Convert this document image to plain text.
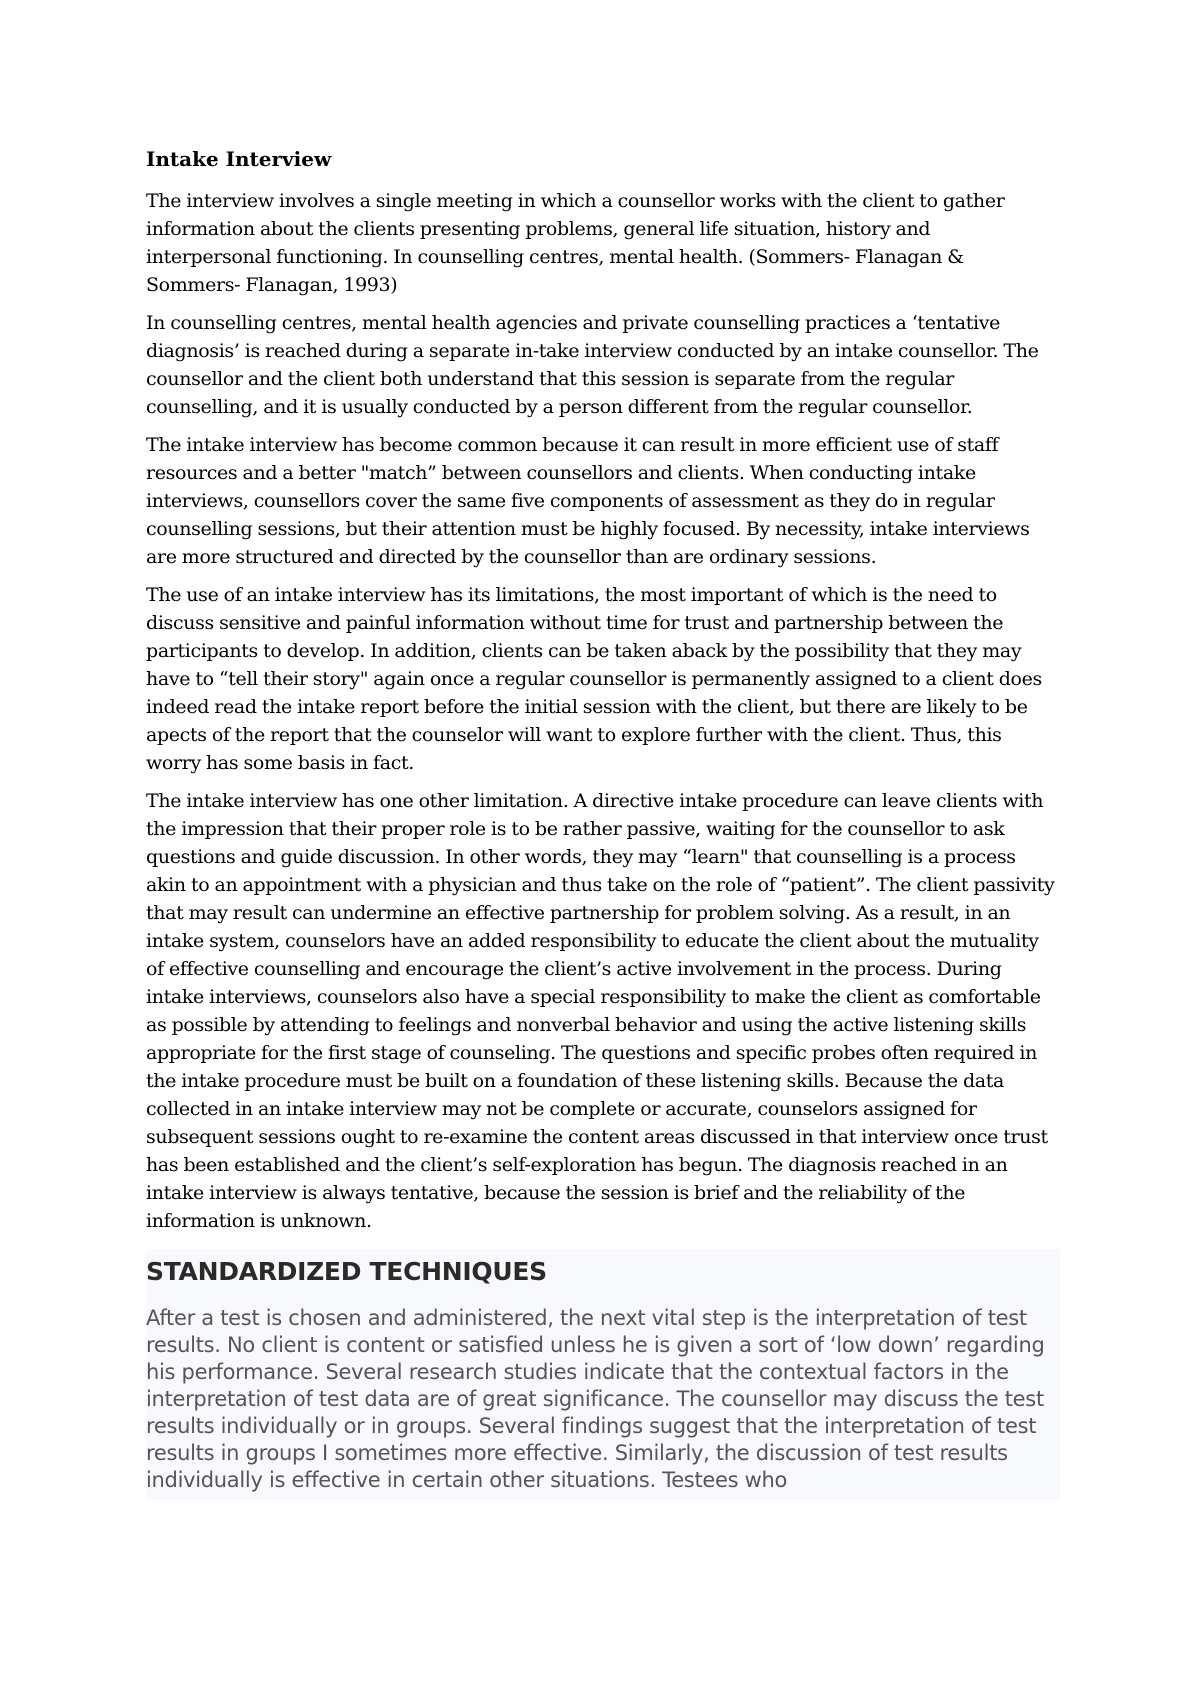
Intake Interview

The interview involves a single meeting in which a counsellor works with the client to gather information about the clients presenting problems, general life situation, history and interpersonal functioning. In counselling centres, mental health. (Sommers- Flanagan & Sommers- Flanagan, 1993)

In counselling centres, mental health agencies and private counselling practices a ‘tentative diagnosis’ is reached during a separate in-take interview conducted by an intake counsellor. The counsellor and the client both understand that this session is separate from the regular counselling, and it is usually conducted by a person different from the regular counsellor.

The intake interview has become common because it can result in more efficient use of staff resources and a better "match” between counsellors and clients. When conducting intake interviews, counsellors cover the same five components of assessment as they do in regular counselling sessions, but their attention must be highly focused. By necessity, intake interviews are more structured and directed by the counsellor than are ordinary sessions.

The use of an intake interview has its limitations, the most important of which is the need to discuss sensitive and painful information without time for trust and partnership between the participants to develop. In addition, clients can be taken aback by the possibility that they may have to “tell their story" again once a regular counsellor is permanently assigned to a client does indeed read the intake report before the initial session with the client, but there are likely to be apects of the report that the counselor will want to explore further with the client. Thus, this worry has some basis in fact.

The intake interview has one other limitation. A directive intake procedure can leave clients with the impression that their proper role is to be rather passive, waiting for the counsellor to ask questions and guide discussion. In other words, they may “learn" that counselling is a process akin to an appointment with a physician and thus take on the role of “patient”. The client passivity that may result can undermine an effective partnership for problem solving. As a result, in an intake system, counselors have an added responsibility to educate the client about the mutuality of effective counselling and encourage the client’s active involvement in the process. During intake interviews, counselors also have a special responsibility to make the client as comfortable as possible by attending to feelings and nonverbal behavior and using the active listening skills appropriate for the first stage of counseling. The questions and specific probes often required in the intake procedure must be built on a foundation of these listening skills. Because the data collected in an intake interview may not be complete or accurate, counselors assigned for subsequent sessions ought to re-examine the content areas discussed in that interview once trust has been established and the client’s self-exploration has begun. The diagnosis reached in an intake interview is always tentative, because the session is brief and the reliability of the information is unknown.

STANDARDIZED TECHNIQUES

After a test is chosen and administered, the next vital step is the interpretation of test results. No client is content or satisfied unless he is given a sort of ‘low down’ regarding his performance. Several research studies indicate that the contextual factors in the interpretation of test data are of great significance. The counsellor may discuss the test results individually or in groups. Several findings suggest that the interpretation of test results in groups I sometimes more effective. Similarly, the discussion of test results individually is effective in certain other situations. Testees who
